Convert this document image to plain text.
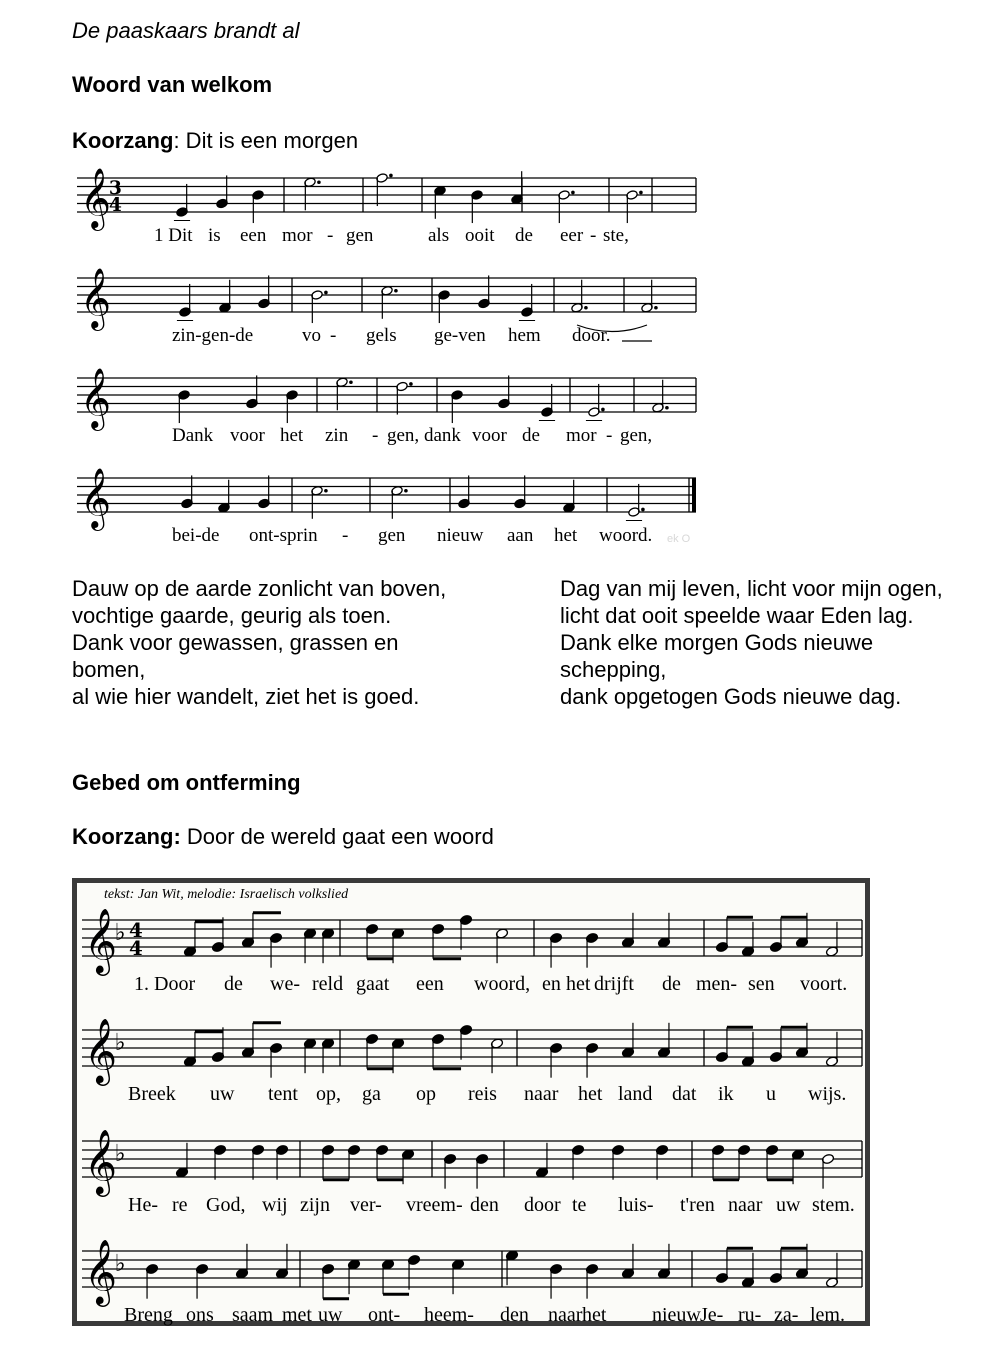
De paaskaars brandt al
Woord van welkom
Koorzang: Dit is een morgen
𝄞
3
4
1 Dit is een mor - gen	als ooit de eer - ste,
𝄞
zin-gen-de	vo - gels ge-ven hem door.
𝄞
Dank voor het zin - gen, dank voor de mor - gen,
𝄞
bei-de ont-sprin - gen nieuw aan het woord. ek O
Dauw op de aarde zonlicht van boven,
vochtige gaarde, geurig als toen.
Dank voor gewassen, grassen en
bomen,
al wie hier wandelt, ziet het is goed.
Dag van mij leven, licht voor mijn ogen,
licht dat ooit speelde waar Eden lag.
Dank elke morgen Gods nieuwe
schepping,
dank opgetogen Gods nieuwe dag.
Gebed om ontferming
Koorzang: Door de wereld gaat een woord
tekst: Jan Wit, melodie: Israelisch volkslied
𝄞
♭ 4
4
1. Door de we- reld gaat een woord, en het drijft de men- sen voort.
𝄞
♭
Breek uw tent op, ga op reis naar het land dat ik u wijs.
𝄞
♭
He- re God, wij zijn ver- vreem- den door te luis- t'ren naar uw stem.
𝄞
♭
Breng ons saam met uw ont- heem- den naar het nieuw Je- ru- za- lem.
